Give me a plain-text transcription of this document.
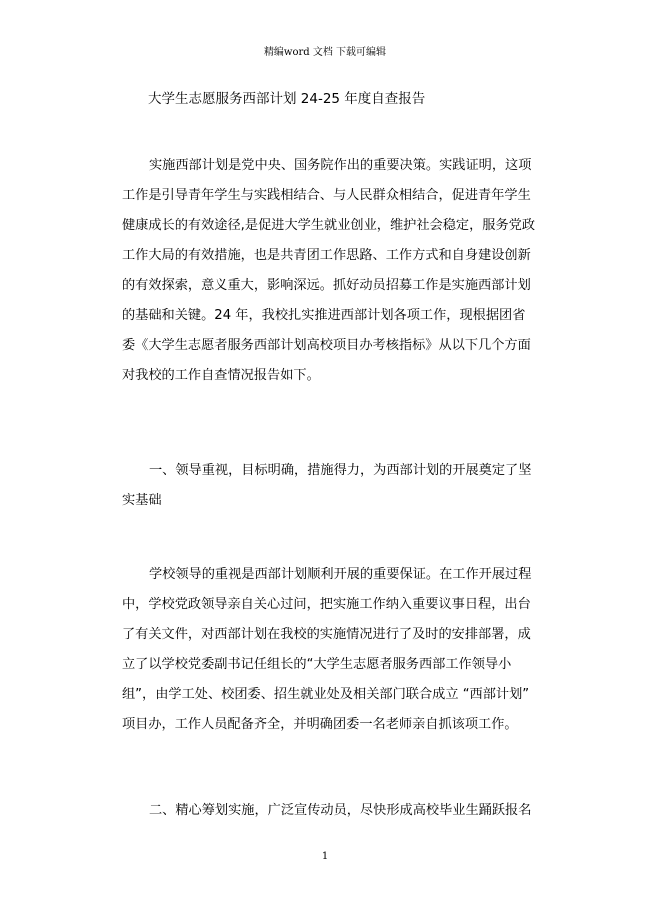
精编word 文档 下载可编辑
大学生志愿服务西部计划 24-25 年度自查报告
实施西部计划是党中央、国务院作出的重要决策。实践证明，这项
工作是引导青年学生与实践相结合、与人民群众相结合，促进青年学生
健康成长的有效途径,是促进大学生就业创业，维护社会稳定，服务党政
工作大局的有效措施，也是共青团工作思路、工作方式和自身建设创新
的有效探索，意义重大，影响深远。抓好动员招募工作是实施西部计划
的基础和关键。24 年，我校扎实推进西部计划各项工作，现根据团省
委《大学生志愿者服务西部计划高校项目办考核指标》从以下几个方面
对我校的工作自查情况报告如下。
一、领导重视，目标明确，措施得力，为西部计划的开展奠定了坚
实基础
学校领导的重视是西部计划顺利开展的重要保证。在工作开展过程
中，学校党政领导亲自关心过问，把实施工作纳入重要议事日程，出台
了有关文件，对西部计划在我校的实施情况进行了及时的安排部署，成
立了以学校党委副书记任组长的“大学生志愿者服务西部工作领导小
组”，由学工处、校团委、招生就业处及相关部门联合成立 “西部计划”
项目办，工作人员配备齐全，并明确团委一名老师亲自抓该项工作。
二、精心筹划实施，广泛宣传动员，尽快形成高校毕业生踊跃报名
1
